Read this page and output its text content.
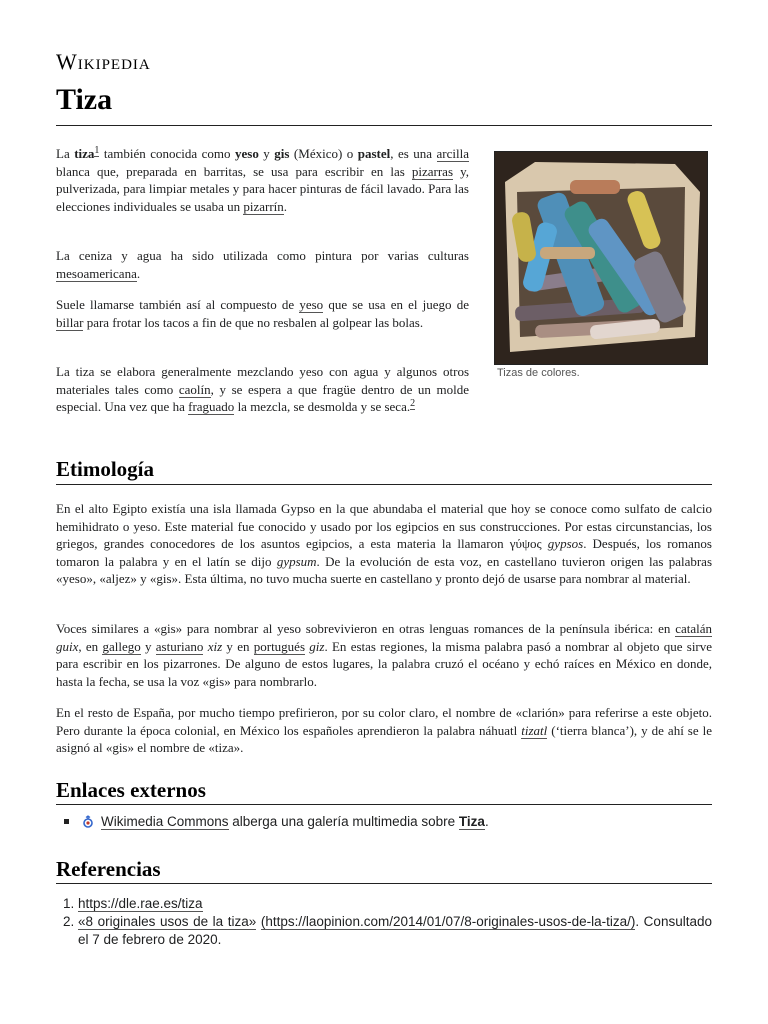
Wikipedia
Tiza

La tiza$^1$ también conocida como yeso y gis (México) o pastel, es una arcilla blanca que, preparada en barritas, se usa para escribir en las pizarras y, pulverizada, para limpiar metales y para hacer pinturas de fácil lavado. Para las elecciones individuales se usaba un pizarrín.

La ceniza y agua ha sido utilizada como pintura por varias culturas mesoamericana.

Suele llamarse también así al compuesto de yeso que se usa en el juego de billar para frotar los tacos a fin de que no resbalen al golpear las bolas.

La tiza se elabora generalmente mezclando yeso con agua y algunos otros materiales tales como caolín, y se espera a que fragüe dentro de un molde especial. Una vez que ha fraguado la mezcla, se desmolda y se seca.$^2$

Tizas de colores.
Etimología

En el alto Egipto existía una isla llamada Gypso en la que abundaba el material que hoy se conoce como sulfato de calcio hemihidrato o yeso. Este material fue conocido y usado por los egipcios en sus construcciones. Por estas circunstancias, los griegos, grandes conocedores de los asuntos egipcios, a esta materia la llamaron γύψος gypsos. Después, los romanos tomaron la palabra y en el latín se dijo gypsum. De la evolución de esta voz, en castellano tuvieron origen las palabras «yeso», «aljez» y «gis». Esta última, no tuvo mucha suerte en castellano y pronto dejó de usarse para nombrar al material.

Voces similares a «gis» para nombrar al yeso sobrevivieron en otras lenguas romances de la península ibérica: en catalán guix, en gallego y asturiano xiz y en portugués giz. En estas regiones, la misma palabra pasó a nombrar al objeto que sirve para escribir en los pizarrones. De alguno de estos lugares, la palabra cruzó el océano y echó raíces en México en donde, hasta la fecha, se usa la voz «gis» para nombrarlo.

En el resto de España, por mucho tiempo prefirieron, por su color claro, el nombre de «clarión» para referirse a este objeto. Pero durante la época colonial, en México los españoles aprendieron la palabra náhuatl tizatl (‘tierra blanca’), y de ahí se le asignó al «gis» el nombre de «tiza».

Enlaces externos
Wikimedia Commons alberga una galería multimedia sobre Tiza.
Referencias
1. https://dle.rae.es/tiza
2. «8 originales usos de la tiza» (https://laopinion.com/2014/01/07/8-originales-usos-de-la-tiza/). Consultado el 7 de febrero de 2020.
